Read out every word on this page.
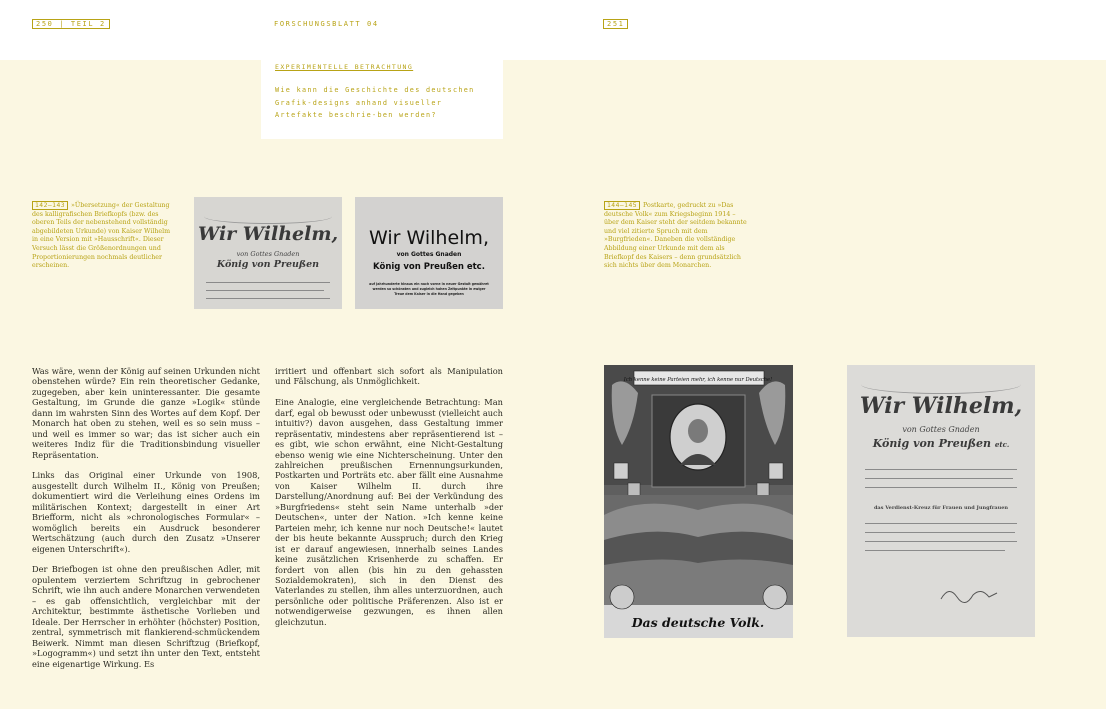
250 | TEIL 2	FORSCHUNGSBLATT 04	251
EXPERIMENTELLE BETRACHTUNG
Wie kann die Geschichte des deutschen Grafik-designs anhand visueller Artefakte beschrie-ben werden?
142–143 »Übersetzung« der Gestaltung des kalligrafischen Briefkopfs (bzw. des oberen Teils der nebenstehend vollständig abgebildeten Urkunde) von Kaiser Wilhelm in eine Version mit »Hausschrift«. Dieser Versuch lässt die Größenordnungen und Proportionierungen nochmals deutlicher erscheinen.
144–145 Postkarte, gedruckt zu »Das deutsche Volk« zum Kriegsbeginn 1914 – über dem Kaiser steht der seitdem bekannte und viel zitierte Spruch mit dem »Burgfrieden«. Daneben die vollständige Abbildung einer Urkunde mit dem als Briefkopf des Kaisers – denn grundsätzlich sich nichts über dem Monarchen.
Wir Wilhelm,
von Gottes Gnaden
König von Preußen
Wir Wilhelm,
von Gottes Gnaden
König von Preußen etc.
auf Jahrhunderte hinaus ein nach vorne in neuer Gestalt gewähret werden so schönsten und zugleich hohen Zeitpunkte in ewiger Treue dem Kaiser in die Hand gegeben

Was wäre, wenn der König auf seinen Urkunden nicht obenstehen würde? Ein rein theoretischer Gedanke, zugegeben, aber kein uninteressanter. Die gesamte Gestaltung, im Grunde die ganze »Logik« stünde dann im wahrsten Sinn des Wortes auf dem Kopf. Der Monarch hat oben zu stehen, weil es so sein muss – und weil es immer so war; das ist sicher auch ein weiteres Indiz für die Traditionsbindung visueller Repräsentation.

Links das Original einer Urkunde von 1908, ausgestellt durch Wilhelm II., König von Preußen; dokumentiert wird die Verleihung eines Ordens im militärischen Kontext; dargestellt in einer Art Briefform, nicht als »chronologisches Formular« – womöglich bereits ein Ausdruck besonderer Wertschätzung (auch durch den Zusatz »Unserer eigenen Unterschrift«).

Der Briefbogen ist ohne den preußischen Adler, mit opulentem verziertem Schriftzug in gebrochener Schrift, wie ihn auch andere Monarchen verwendeten – es gab offensichtlich, vergleichbar mit der Architektur, bestimmte ästhetische Vorlieben und Ideale. Der Herrscher in erhöhter (höchster) Position, zentral, symmetrisch mit flankierend-schmückendem Beiwerk. Nimmt man diesen Schriftzug (Briefkopf, »Logogramm«) und setzt ihn unter den Text, entsteht eine eigenartige Wirkung. Es

irritiert und offenbart sich sofort als Manipulation und Fälschung, als Unmöglichkeit.

Eine Analogie, eine vergleichende Betrachtung: Man darf, egal ob bewusst oder unbewusst (vielleicht auch intuitiv?) davon ausgehen, dass Gestaltung immer repräsentativ, mindestens aber repräsentierend ist – es gibt, wie schon erwähnt, eine Nicht-Gestaltung ebenso wenig wie eine Nichterscheinung. Unter den zahlreichen preußischen Ernennungsurkunden, Postkarten und Porträts etc. aber fällt eine Ausnahme von Kaiser Wilhelm II. durch ihre Darstellung/Anordnung auf: Bei der Verkündung des »Burgfriedens« steht sein Name unterhalb »der Deutschen«, unter der Nation. »Ich kenne keine Parteien mehr, ich kenne nur noch Deutsche!« lautet der bis heute bekannte Ausspruch; durch den Krieg ist er darauf angewiesen, innerhalb seines Landes keine zusätzlichen Krisenherde zu schaffen. Er fordert von allen (bis hin zu den gehassten Sozialdemokraten), sich in den Dienst des Vaterlandes zu stellen, ihm alles unterzuordnen, auch persönliche oder politische Präferenzen. Also ist er notwendigerweise gezwungen, es ihnen allen gleichzutun.

Ich kenne keine Parteien mehr, ich kenne nur Deutsche!
Das deutsche Volk.
Wir Wilhelm,
von Gottes Gnaden
König von Preußen etc.
das Verdienst-Kreuz für Frauen und Jungfrauen
